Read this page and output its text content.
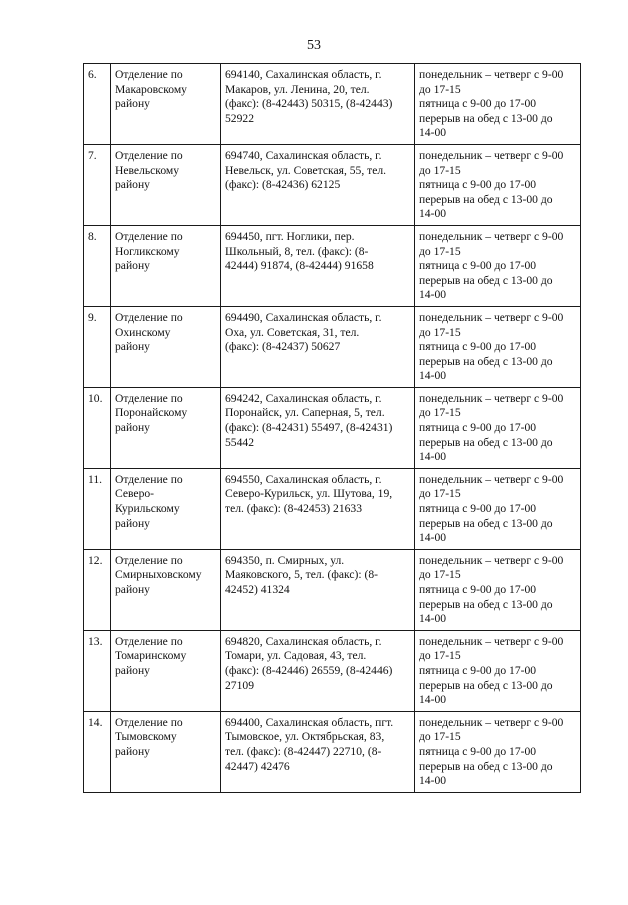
53
6.	Отделение по
Макаровскому
району	694140, Сахалинская область, г.
Макаров, ул. Ленина, 20, тел.
(факс): (8-42443) 50315, (8-42443)
52922	понедельник – четверг с 9-00
до 17-15
пятница с 9-00 до 17-00
перерыв на обед с 13-00 до
14-00

7.	Отделение по
Невельскому
району	694740, Сахалинская область, г.
Невельск, ул. Советская, 55, тел.
(факс): (8-42436) 62125	понедельник – четверг с 9-00
до 17-15
пятница с 9-00 до 17-00
перерыв на обед с 13-00 до
14-00

8.	Отделение по
Ногликскому
району	694450, пгт. Ноглики, пер.
Школьный, 8, тел. (факс): (8-
42444) 91874, (8-42444) 91658	понедельник – четверг с 9-00
до 17-15
пятница с 9-00 до 17-00
перерыв на обед с 13-00 до
14-00

9.	Отделение по
Охинскому
району	694490, Сахалинская область, г.
Оха, ул. Советская, 31, тел.
(факс): (8-42437) 50627	понедельник – четверг с 9-00
до 17-15
пятница с 9-00 до 17-00
перерыв на обед с 13-00 до
14-00

10.	Отделение по
Поронайскому
району	694242, Сахалинская область, г.
Поронайск, ул. Саперная, 5, тел.
(факс): (8-42431) 55497, (8-42431)
55442	понедельник – четверг с 9-00
до 17-15
пятница с 9-00 до 17-00
перерыв на обед с 13-00 до
14-00

11.	Отделение по
Северо-
Курильскому
району	694550, Сахалинская область, г.
Северо-Курильск, ул. Шутова, 19,
тел. (факс): (8-42453) 21633	понедельник – четверг с 9-00
до 17-15
пятница с 9-00 до 17-00
перерыв на обед с 13-00 до
14-00

12.	Отделение по
Смирныховскому
району	694350, п. Смирных, ул.
Маяковского, 5, тел. (факс): (8-
42452) 41324	понедельник – четверг с 9-00
до 17-15
пятница с 9-00 до 17-00
перерыв на обед с 13-00 до
14-00

13.	Отделение по
Томаринскому
району	694820, Сахалинская область, г.
Томари, ул. Садовая, 43, тел.
(факс): (8-42446) 26559, (8-42446)
27109	понедельник – четверг с 9-00
до 17-15
пятница с 9-00 до 17-00
перерыв на обед с 13-00 до
14-00

14.	Отделение по
Тымовскому
району	694400, Сахалинская область, пгт.
Тымовское, ул. Октябрьская, 83,
тел. (факс): (8-42447) 22710, (8-
42447) 42476	понедельник – четверг с 9-00
до 17-15
пятница с 9-00 до 17-00
перерыв на обед с 13-00 до
14-00
